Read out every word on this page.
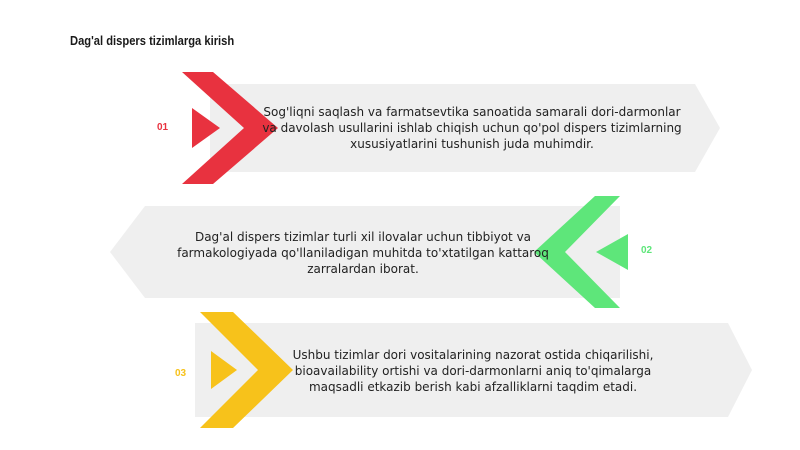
Dag'al dispers tizimlarga kirish
01
02
03
Sog'liqni saqlash va farmatsevtika sanoatida samarali dori-darmonlar va davolash usullarini ishlab chiqish uchun qo'pol dispers tizimlarning xususiyatlarini tushunish juda muhimdir.
Dag'al dispers tizimlar turli xil ilovalar uchun tibbiyot va farmakologiyada qo'llaniladigan muhitda to'xtatilgan kattaroq zarralardan iborat.
Ushbu tizimlar dori vositalarining nazorat ostida chiqarilishi, bioavailability ortishi va dori-darmonlarni aniq to'qimalarga maqsadli etkazib berish kabi afzalliklarni taqdim etadi.
